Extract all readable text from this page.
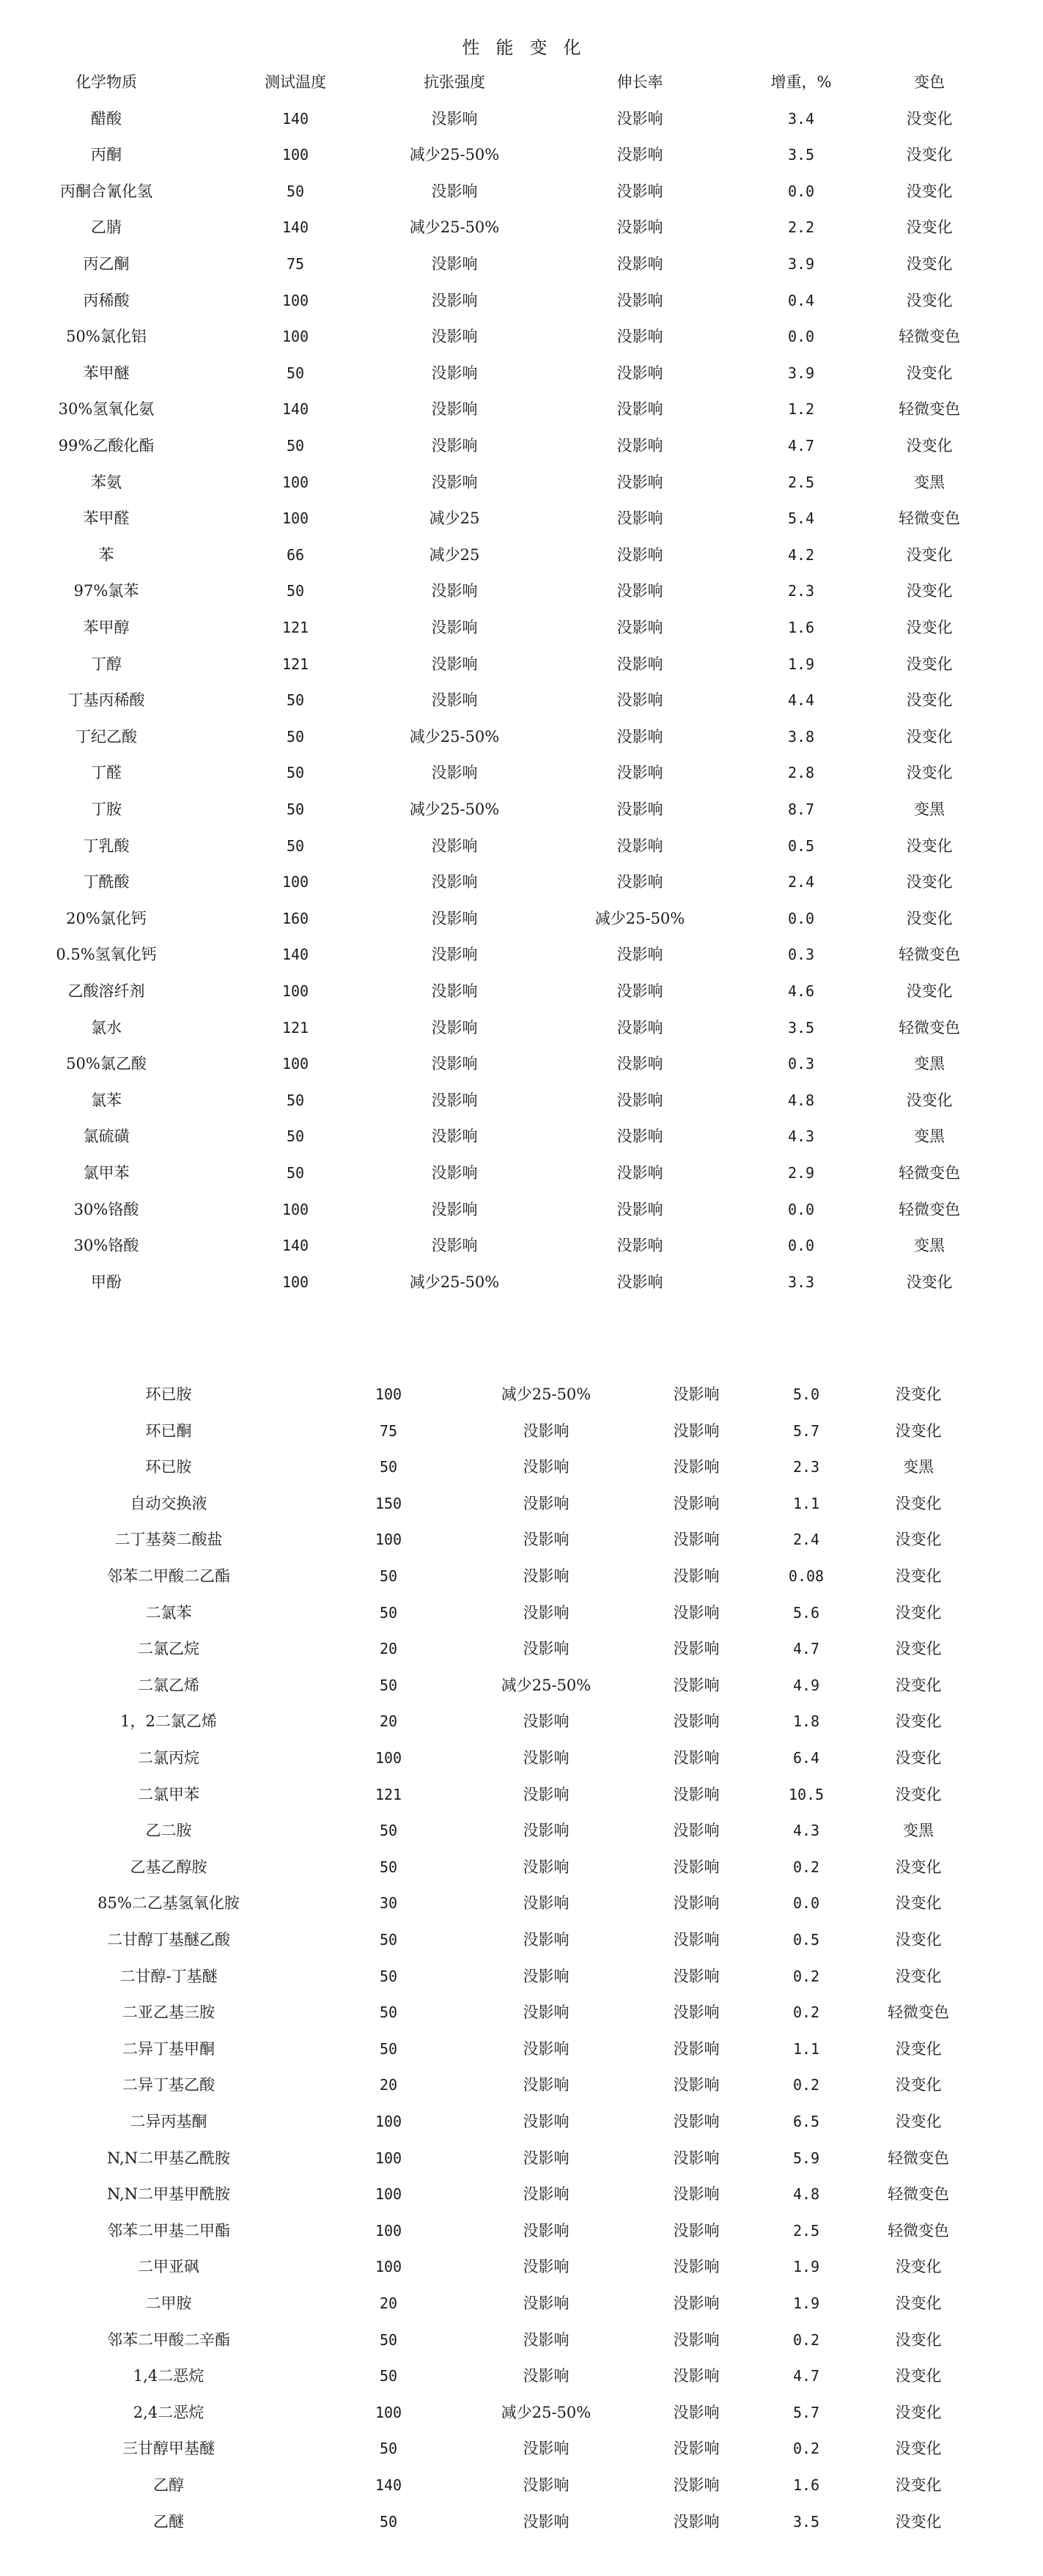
性能变化
化学物质	测试温度	抗张强度	伸长率	增重，%	变色
醋酸	140	没影响	没影响	3.4	没变化
丙酮	100	减少25-50%	没影响	3.5	没变化
丙酮合氰化氢	50	没影响	没影响	0.0	没变化
乙腈	140	减少25-50%	没影响	2.2	没变化
丙乙酮	75	没影响	没影响	3.9	没变化
丙稀酸	100	没影响	没影响	0.4	没变化
50%氯化铝	100	没影响	没影响	0.0	轻微变色
苯甲醚	50	没影响	没影响	3.9	没变化
30%氢氧化氨	140	没影响	没影响	1.2	轻微变色
99%乙酸化酯	50	没影响	没影响	4.7	没变化
苯氨	100	没影响	没影响	2.5	变黑
苯甲醛	100	减少25	没影响	5.4	轻微变色
苯	66	减少25	没影响	4.2	没变化
97%氯苯	50	没影响	没影响	2.3	没变化
苯甲醇	121	没影响	没影响	1.6	没变化
丁醇	121	没影响	没影响	1.9	没变化
丁基丙稀酸	50	没影响	没影响	4.4	没变化
丁纪乙酸	50	减少25-50%	没影响	3.8	没变化
丁醛	50	没影响	没影响	2.8	没变化
丁胺	50	减少25-50%	没影响	8.7	变黑
丁乳酸	50	没影响	没影响	0.5	没变化
丁酰酸	100	没影响	没影响	2.4	没变化
20%氯化钙	160	没影响	减少25-50%	0.0	没变化
0.5%氢氧化钙	140	没影响	没影响	0.3	轻微变色
乙酸溶纤剂	100	没影响	没影响	4.6	没变化
氯水	121	没影响	没影响	3.5	轻微变色
50%氯乙酸	100	没影响	没影响	0.3	变黑
氯苯	50	没影响	没影响	4.8	没变化
氯硫磺	50	没影响	没影响	4.3	变黑
氯甲苯	50	没影响	没影响	2.9	轻微变色
30%铬酸	100	没影响	没影响	0.0	轻微变色
30%铬酸	140	没影响	没影响	0.0	变黑
甲酚	100	减少25-50%	没影响	3.3	没变化
环已胺	100	减少25-50%	没影响	5.0	没变化
环已酮	75	没影响	没影响	5.7	没变化
环已胺	50	没影响	没影响	2.3	变黑
自动交换液	150	没影响	没影响	1.1	没变化
二丁基葵二酸盐	100	没影响	没影响	2.4	没变化
邻苯二甲酸二乙酯	50	没影响	没影响	0.08	没变化
二氯苯	50	没影响	没影响	5.6	没变化
二氯乙烷	20	没影响	没影响	4.7	没变化
二氯乙烯	50	减少25-50%	没影响	4.9	没变化
1，2二氯乙烯	20	没影响	没影响	1.8	没变化
二氯丙烷	100	没影响	没影响	6.4	没变化
二氯甲苯	121	没影响	没影响	10.5	没变化
乙二胺	50	没影响	没影响	4.3	变黑
乙基乙醇胺	50	没影响	没影响	0.2	没变化
85%二乙基氢氧化胺	30	没影响	没影响	0.0	没变化
二甘醇丁基醚乙酸	50	没影响	没影响	0.5	没变化
二甘醇-丁基醚	50	没影响	没影响	0.2	没变化
二亚乙基三胺	50	没影响	没影响	0.2	轻微变色
二异丁基甲酮	50	没影响	没影响	1.1	没变化
二异丁基乙酸	20	没影响	没影响	0.2	没变化
二异丙基酮	100	没影响	没影响	6.5	没变化
N,N二甲基乙酰胺	100	没影响	没影响	5.9	轻微变色
N,N二甲基甲酰胺	100	没影响	没影响	4.8	轻微变色
邻苯二甲基二甲酯	100	没影响	没影响	2.5	轻微变色
二甲亚砜	100	没影响	没影响	1.9	没变化
二甲胺	20	没影响	没影响	1.9	没变化
邻苯二甲酸二辛酯	50	没影响	没影响	0.2	没变化
1,4二恶烷	50	没影响	没影响	4.7	没变化
2,4二恶烷	100	减少25-50%	没影响	5.7	没变化
三甘醇甲基醚	50	没影响	没影响	0.2	没变化
乙醇	140	没影响	没影响	1.6	没变化
乙醚	50	没影响	没影响	3.5	没变化
